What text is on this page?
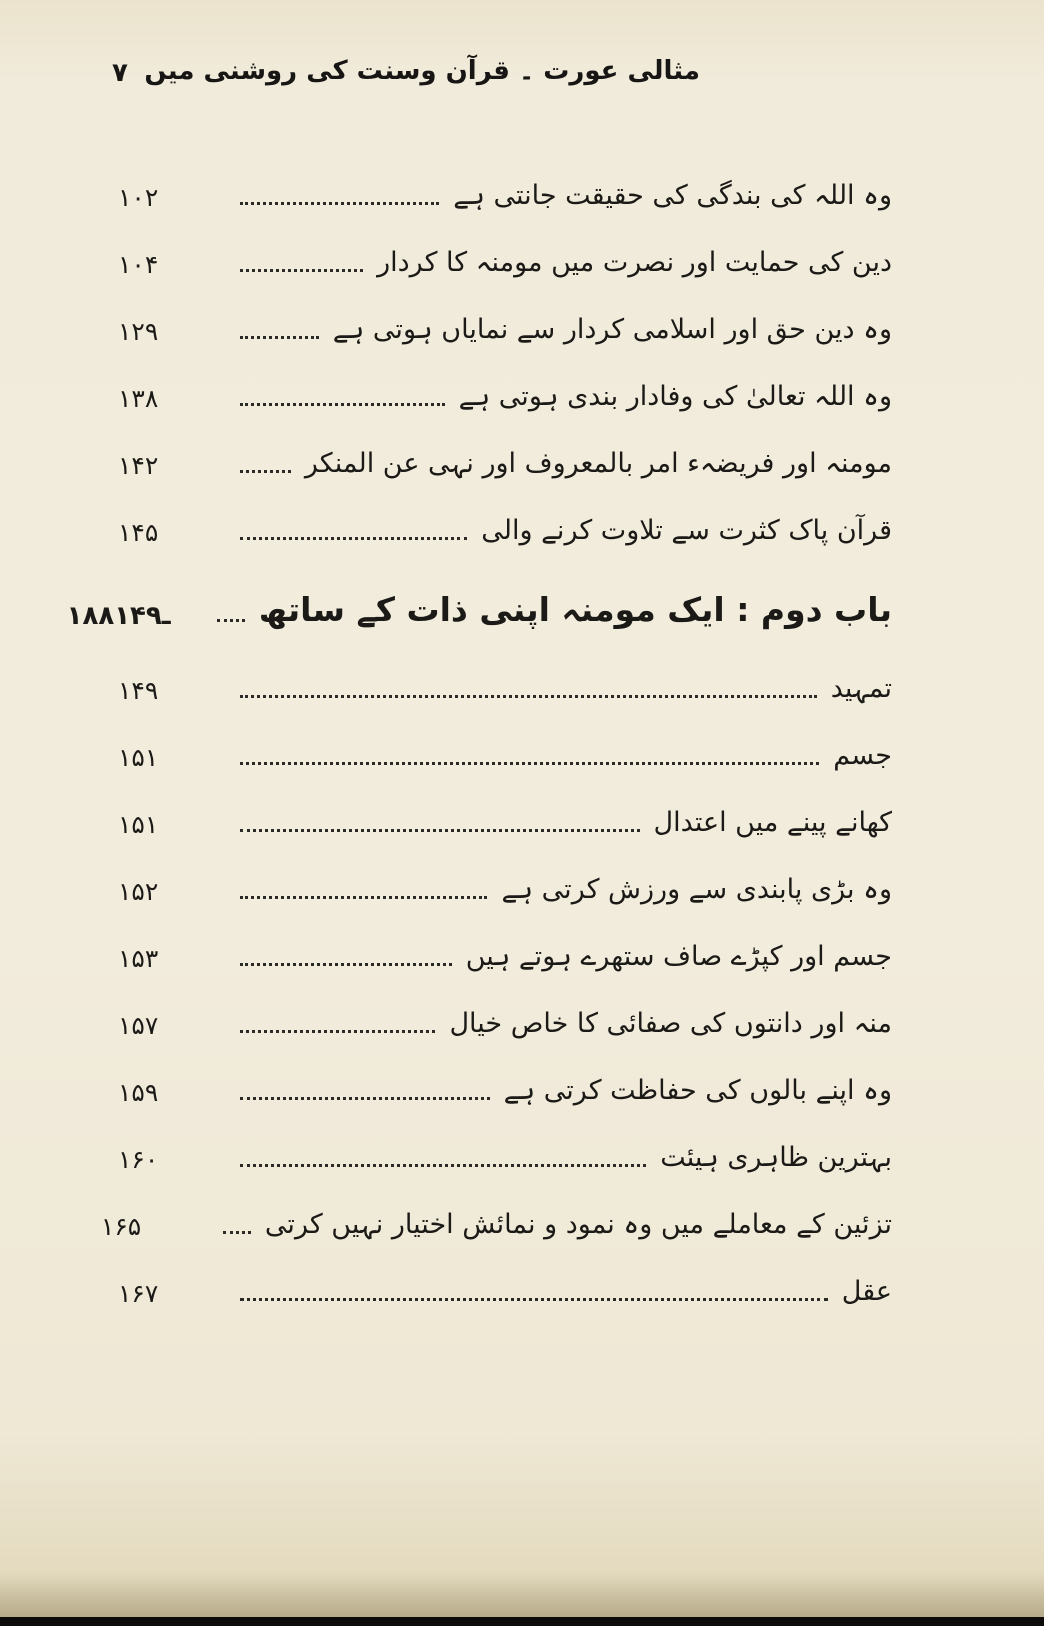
مثالی عورت ۔ قرآن وسنت کی روشنی میں
۷
وہ اللہ کی بندگی کی حقیقت جانتی ہے
۱۰۲
دین کی حمایت اور نصرت میں مومنہ کا کردار
۱۰۴
وہ دین حق اور اسلامی کردار سے نمایاں ہوتی ہے
۱۲۹
وہ اللہ تعالیٰ کی وفادار بندی ہوتی ہے
۱۳۸
مومنہ اور فریضہء امر بالمعروف اور نہی عن المنکر
۱۴۲
قرآن پاک کثرت سے تلاوت کرنے والی
۱۴۵
باب دوم : ایک مومنہ اپنی ذات کے ساتھ
۱۸۸ـ۱۴۹
تمہید
۱۴۹
جسم
۱۵۱
کھانے پینے میں اعتدال
۱۵۱
وہ بڑی پابندی سے ورزش کرتی ہے
۱۵۲
جسم اور کپڑے صاف ستھرے ہوتے ہیں
۱۵۳
منہ اور دانتوں کی صفائی کا خاص خیال
۱۵۷
وہ اپنے بالوں کی حفاظت کرتی ہے
۱۵۹
بہترین ظاہری ہیئت
۱۶۰
تزئین کے معاملے میں وہ نمود و نمائش اختیار نہیں کرتی
۱۶۵
عقل
۱۶۷
